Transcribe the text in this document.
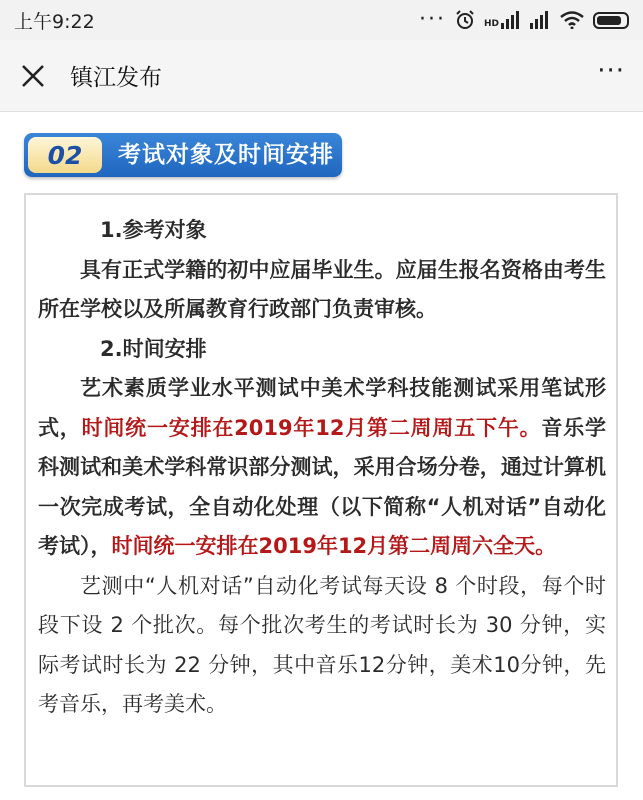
上午9:22	···	HD
镇江发布	···
02	考试对象及时间安排

1.参考对象

具有正式学籍的初中应届毕业生。应届生报名资格由考生所在学校以及所属教育行政部门负责审核。

2.时间安排

艺术素质学业水平测试中美术学科技能测试采用笔试形式，时间统一安排在2019年12月第二周周五下午。音乐学科测试和美术学科常识部分测试，采用合场分卷，通过计算机一次完成考试，全自动化处理（以下简称“人机对话”自动化考试），时间统一安排在2019年12月第二周周六全天。

艺测中“人机对话”自动化考试每天设 8 个时段，每个时段下设 2 个批次。每个批次考生的考试时长为 30 分钟，实际考试时长为 22 分钟，其中音乐12分钟，美术10分钟，先考音乐，再考美术。
